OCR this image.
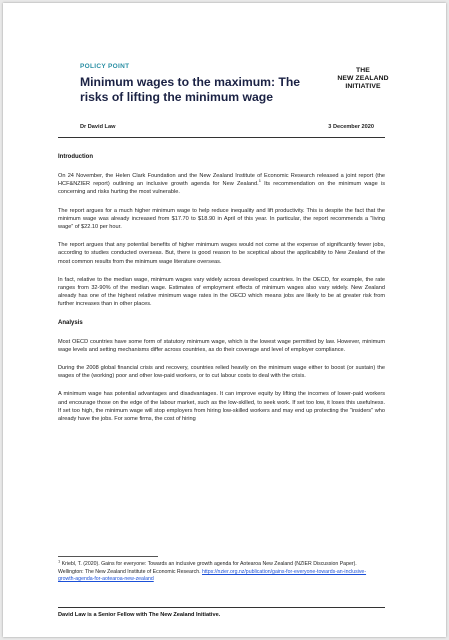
POLICY POINT
Minimum wages to the maximum: The risks of lifting the minimum wage
THE
NEW ZEALAND
INITIATIVE
Dr David Law	3 December 2020
Introduction

On 24 November, the Helen Clark Foundation and the New Zealand Institute of Economic Research released a joint report (the HCF&NZIER report) outlining an inclusive growth agenda for New Zealand.$^1$ Its recommendation on the minimum wage is concerning and risks hurting the most vulnerable.

The report argues for a much higher minimum wage to help reduce inequality and lift productivity. This is despite the fact that the minimum wage was already increased from $17.70 to $18.90 in April of this year. In particular, the report recommends a “living wage” of $22.10 per hour.

The report argues that any potential benefits of higher minimum wages would not come at the expense of significantly fewer jobs, according to studies conducted overseas. But, there is good reason to be sceptical about the applicability to New Zealand of the most common results from the minimum wage literature overseas.

In fact, relative to the median wage, minimum wages vary widely across developed countries. In the OECD, for example, the rate ranges from 32-90% of the median wage. Estimates of employment effects of minimum wages also vary widely. New Zealand already has one of the highest relative minimum wage rates in the OECD which means jobs are likely to be at greater risk from further increases than in other places.

Analysis

Most OECD countries have some form of statutory minimum wage, which is the lowest wage permitted by law. However, minimum wage levels and setting mechanisms differ across countries, as do their coverage and level of employer compliance.

During the 2008 global financial crisis and recovery, countries relied heavily on the minimum wage either to boost (or sustain) the wages of the (working) poor and other low-paid workers, or to cut labour costs to deal with the crisis.

A minimum wage has potential advantages and disadvantages. It can improve equity by lifting the incomes of lower-paid workers and encourage those on the edge of the labour market, such as the low-skilled, to seek work. If set too low, it loses this usefulness. If set too high, the minimum wage will stop employers from hiring low-skilled workers and may end up protecting the “insiders” who already have the jobs. For some firms, the cost of hiring

$^1$ Kriebl, T. (2020). Gains for everyone: Towards an inclusive growth agenda for Aotearoa New Zealand (NZIER Discussion Paper). Wellington: The New Zealand Institute of Economic Research. https://nzier.org.nz/publication/gains-for-everyone-towards-an-inclusive-growth-agenda-for-aotearoa-new-zealand
David Law is a Senior Fellow with The New Zealand Initiative.
